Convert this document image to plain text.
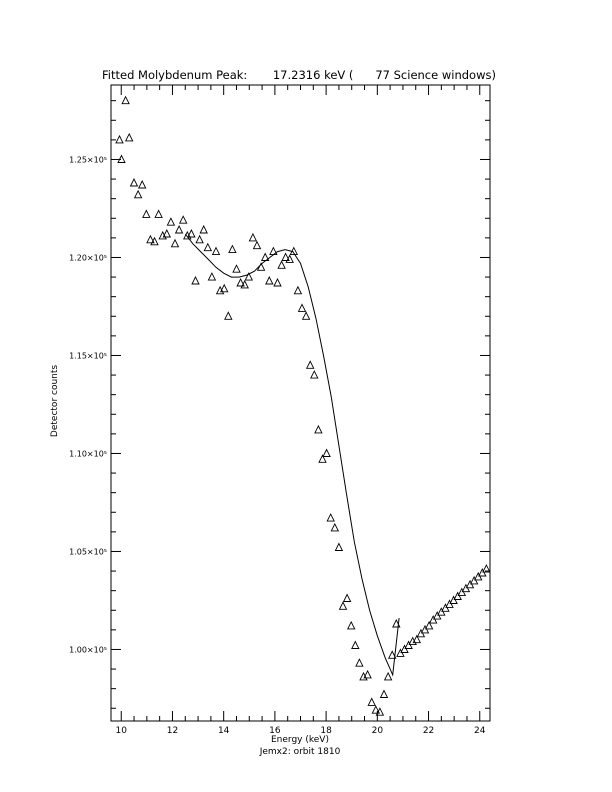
Fitted Molybdenum Peak:       17.2316 keV (      77 Science windows)
10	12	14	16	18	20	22	24
1.00×10⁵
1.05×10⁵
1.10×10⁵
1.15×10⁵
1.20×10⁵
1.25×10⁵
Energy (keV)
Jemx2: orbit 1810
Detector counts
